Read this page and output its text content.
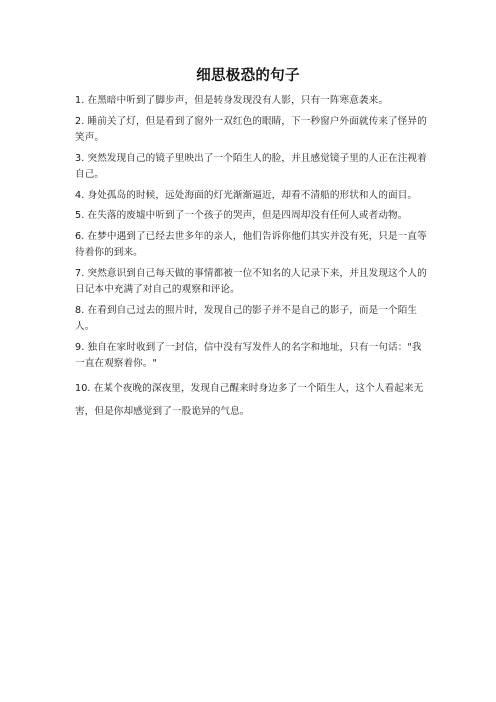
细思极恐的句子

1. 在黑暗中听到了脚步声，但是转身发现没有人影，只有一阵寒意袭来。

2. 睡前关了灯，但是看到了窗外一双红色的眼睛，下一秒窗户外面就传来了怪异的笑声。

3. 突然发现自己的镜子里映出了一个陌生人的脸，并且感觉镜子里的人正在注视着自己。

4. 身处孤岛的时候，远处海面的灯光渐渐逼近，却看不清船的形状和人的面目。

5. 在失落的废墟中听到了一个孩子的哭声，但是四周却没有任何人或者动物。

6. 在梦中遇到了已经去世多年的亲人，他们告诉你他们其实并没有死，只是一直等待着你的到来。

7. 突然意识到自己每天做的事情都被一位不知名的人记录下来，并且发现这个人的日记本中充满了对自己的观察和评论。

8. 在看到自己过去的照片时，发现自己的影子并不是自己的影子，而是一个陌生人。

9. 独自在家时收到了一封信，信中没有写发件人的名字和地址，只有一句话："我一直在观察着你。"

10. 在某个夜晚的深夜里，发现自己醒来时身边多了一个陌生人，这个人看起来无害，但是你却感觉到了一股诡异的气息。
